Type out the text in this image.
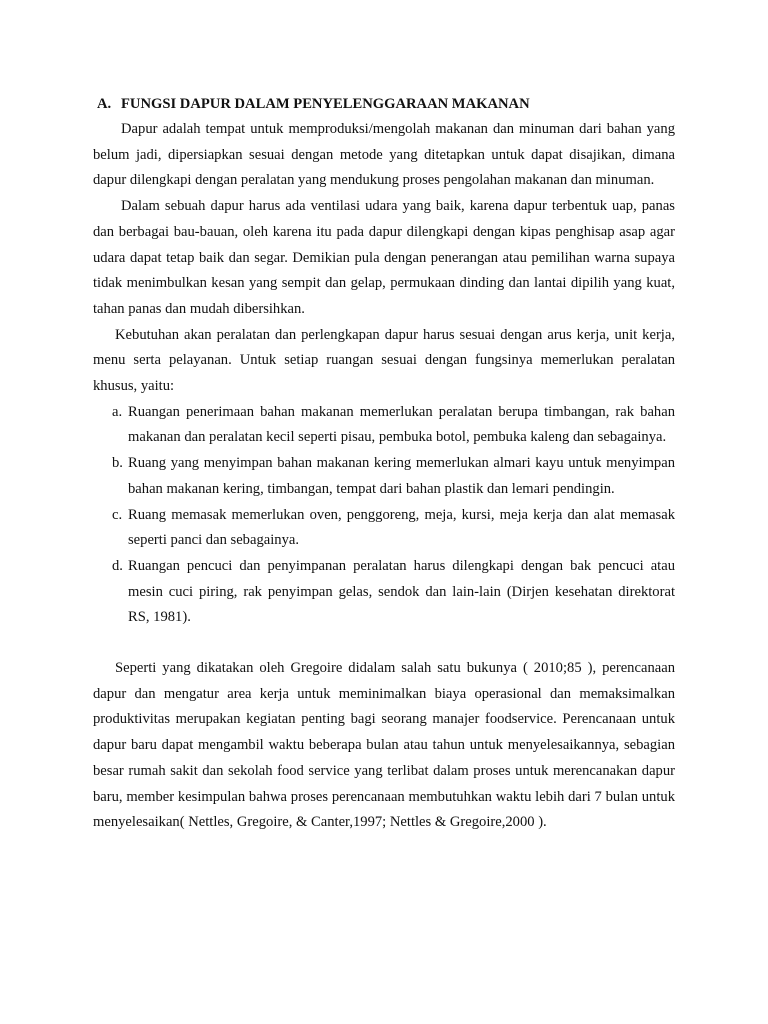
A. FUNGSI DAPUR DALAM PENYELENGGARAAN MAKANAN

Dapur adalah tempat untuk memproduksi/mengolah makanan dan minuman dari bahan yang belum jadi, dipersiapkan sesuai dengan metode yang ditetapkan untuk dapat disajikan, dimana dapur dilengkapi dengan peralatan yang mendukung proses pengolahan makanan dan minuman.

Dalam sebuah dapur harus ada ventilasi udara yang baik, karena dapur terbentuk uap, panas dan berbagai bau-bauan, oleh karena itu pada dapur dilengkapi dengan kipas penghisap asap agar udara dapat tetap baik dan segar. Demikian pula dengan penerangan atau pemilihan warna supaya tidak menimbulkan kesan yang sempit dan gelap, permukaan dinding dan lantai dipilih yang kuat, tahan panas dan mudah dibersihkan.

Kebutuhan akan peralatan dan perlengkapan dapur harus sesuai dengan arus kerja, unit kerja, menu serta pelayanan. Untuk setiap ruangan sesuai dengan fungsinya memerlukan peralatan khusus, yaitu:

a. Ruangan penerimaan bahan makanan memerlukan peralatan berupa timbangan, rak bahan makanan dan peralatan kecil seperti pisau, pembuka botol, pembuka kaleng dan sebagainya.
b. Ruang yang menyimpan bahan makanan kering memerlukan almari kayu untuk menyimpan bahan makanan kering, timbangan, tempat dari bahan plastik dan lemari pendingin.
c. Ruang memasak memerlukan oven, penggoreng, meja, kursi, meja kerja dan alat memasak seperti panci dan sebagainya.
d. Ruangan pencuci dan penyimpanan peralatan harus dilengkapi dengan bak pencuci atau mesin cuci piring, rak penyimpan gelas, sendok dan lain-lain (Dirjen kesehatan direktorat RS, 1981).

Seperti yang dikatakan oleh Gregoire didalam salah satu bukunya ( 2010;85 ), perencanaan dapur dan mengatur area kerja untuk meminimalkan biaya operasional dan memaksimalkan produktivitas merupakan kegiatan penting bagi seorang manajer foodservice. Perencanaan untuk dapur baru dapat mengambil waktu beberapa bulan atau tahun untuk menyelesaikannya, sebagian besar rumah sakit dan sekolah food service yang terlibat dalam proses untuk merencanakan dapur baru, member kesimpulan bahwa proses perencanaan membutuhkan waktu lebih dari 7 bulan untuk menyelesaikan( Nettles, Gregoire, & Canter,1997; Nettles & Gregoire,2000 ).
